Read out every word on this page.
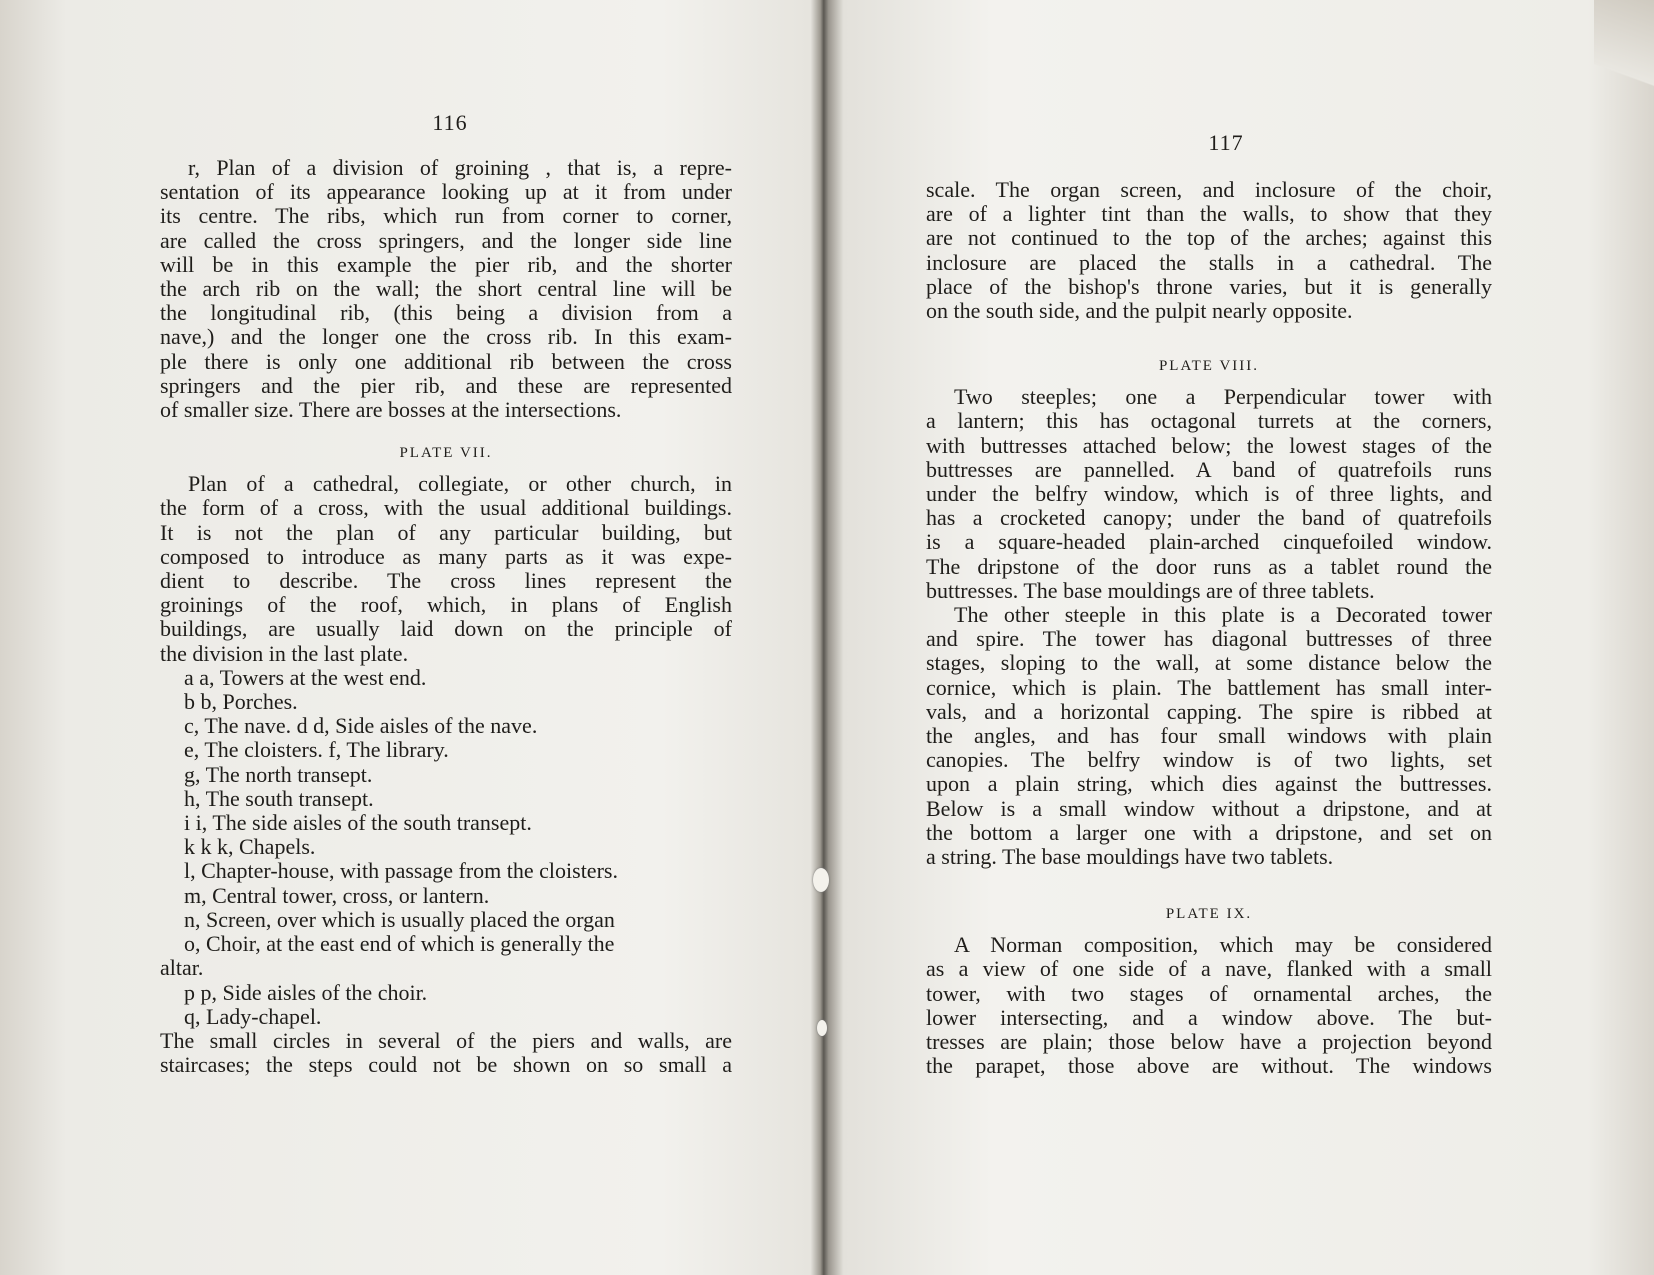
116
r, Plan of a division of groining , that is, a repre-
sentation of its appearance looking up at it from under
its centre. The ribs, which run from corner to corner,
are called the cross springers, and the longer side line
will be in this example the pier rib, and the shorter
the arch rib on the wall; the short central line will be
the longitudinal rib, (this being a division from a
nave,) and the longer one the cross rib. In this exam-
ple there is only one additional rib between the cross
springers and the pier rib, and these are represented
of smaller size. There are bosses at the intersections.
PLATE VII.
Plan of a cathedral, collegiate, or other church, in
the form of a cross, with the usual additional buildings.
It is not the plan of any particular building, but
composed to introduce as many parts as it was expe-
dient to describe. The cross lines represent the
groinings of the roof, which, in plans of English
buildings, are usually laid down on the principle of
the division in the last plate.
a a, Towers at the west end.
b b, Porches.
c, The nave. d d, Side aisles of the nave.
e, The cloisters. f, The library.
g, The north transept.
h, The south transept.
i i, The side aisles of the south transept.
k k k, Chapels.
l, Chapter-house, with passage from the cloisters.
m, Central tower, cross, or lantern.
n, Screen, over which is usually placed the organ
o, Choir, at the east end of which is generally the
altar.
p p, Side aisles of the choir.
q, Lady-chapel.
The small circles in several of the piers and walls, are
staircases; the steps could not be shown on so small a
117
scale. The organ screen, and inclosure of the choir,
are of a lighter tint than the walls, to show that they
are not continued to the top of the arches; against this
inclosure are placed the stalls in a cathedral. The
place of the bishop's throne varies, but it is generally
on the south side, and the pulpit nearly opposite.
PLATE VIII.
Two steeples; one a Perpendicular tower with
a lantern; this has octagonal turrets at the corners,
with buttresses attached below; the lowest stages of the
buttresses are pannelled. A band of quatrefoils runs
under the belfry window, which is of three lights, and
has a crocketed canopy; under the band of quatrefoils
is a square-headed plain-arched cinquefoiled window.
The dripstone of the door runs as a tablet round the
buttresses. The base mouldings are of three tablets.
The other steeple in this plate is a Decorated tower
and spire. The tower has diagonal buttresses of three
stages, sloping to the wall, at some distance below the
cornice, which is plain. The battlement has small inter-
vals, and a horizontal capping. The spire is ribbed at
the angles, and has four small windows with plain
canopies. The belfry window is of two lights, set
upon a plain string, which dies against the buttresses.
Below is a small window without a dripstone, and at
the bottom a larger one with a dripstone, and set on
a string. The base mouldings have two tablets.
PLATE IX.
A Norman composition, which may be considered
as a view of one side of a nave, flanked with a small
tower, with two stages of ornamental arches, the
lower intersecting, and a window above. The but-
tresses are plain; those below have a projection beyond
the parapet, those above are without. The windows
